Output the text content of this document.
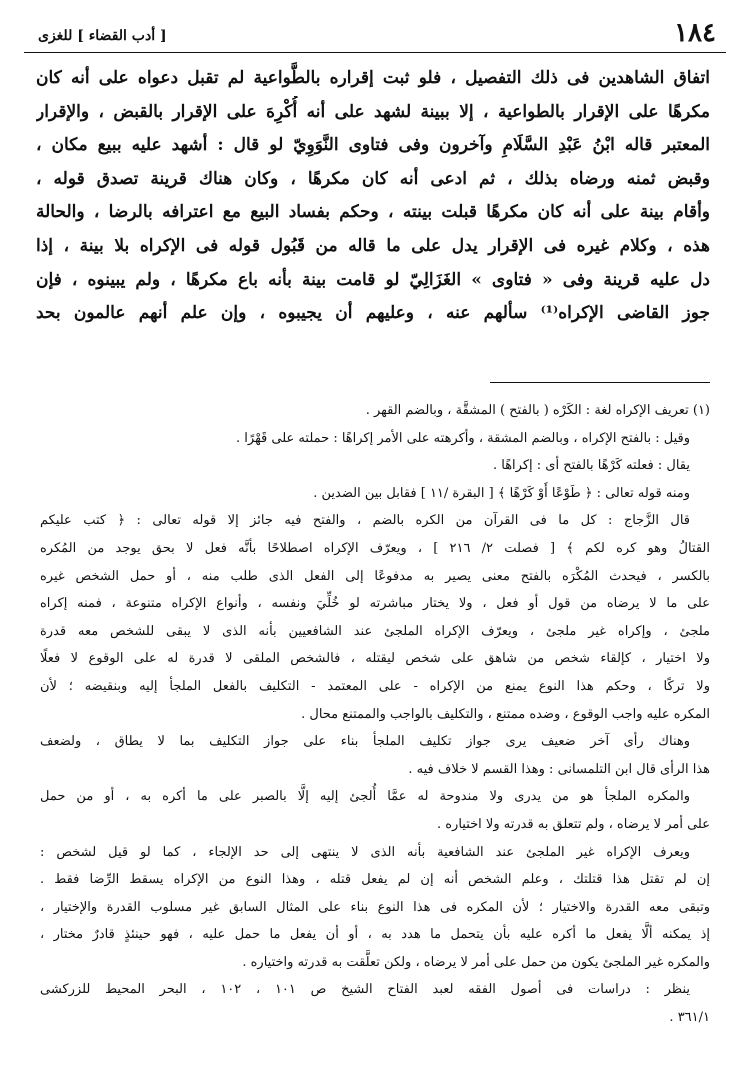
١٨٤
[ أدب القضاء ] للغزى
اتفاق الشاهدين فى ذلك التفصيل ، فلو ثبت إقراره بالطَّواعية لم تقبل دعواه على أنه كان
مكرهًا على الإقرار بالطواعية ، إلا ببينة لشهد على أنه أُكْرِهَ على الإقرار بالقبض ، والإقرار
المعتبر قاله ابْنُ عَبْدِ السَّلَامِ وآخرون وفى فتاوى النَّوَوِيّ لو قال : أشهد عليه ببيع مكان ،
وقبض ثمنه ورضاه بذلك ، ثم ادعى أنه كان مكرهًا ، وكان هناك قرينة تصدق قوله ،
وأقام بينة على أنه كان مكرهًا قبلت بينته ، وحكم بفساد البيع مع اعترافه بالرضا ، والحالة
هذه ، وكلام غيره فى الإقرار يدل على ما قاله من قَبُول قوله فى الإكراه بلا بينة ، إذا
دل عليه قرينة وفى « فتاوى » الغَزَالِيّ لو قامت بينة بأنه باع مكرهًا ، ولم يبينوه ، فإن
جوز القاضى الإكراه⁽¹⁾ سألهم عنه ، وعليهم أن يجيبوه ، وإن علم أنهم عالمون بحد
(١) تعريف الإكراه لغة : الكَرْه ( بالفتح ) المشقَّة ، وبالضم القهر .
وقيل : بالفتح الإكراه ، وبالضم المشقة ، وأكرهته على الأمر إكراهًا : حملته على قَهْرًا .
يقال : فعلته كَرْهًا بالفتح أى : إكراهًا .
ومنه قوله تعالى : ﴿ طَوْعًا أَوْ كَرْهًا ﴾ [ البقرة /١١ ] فقابل بين الضدين .
قال الزَّجاج : كل ما فى القرآن من الكره بالضم ، والفتح فيه جائز إلا قوله تعالى : ﴿ كتب عليكم
القتالُ وهو كره لكم ﴾ [ فصلت ٢/ ٢١٦ ] ، ويعرّف الإكراه اصطلاحًا بأنَّه فعل لا بحق يوجد من المُكره
بالكسر ، فيحدث المُكْرَه بالفتح معنى يصير به مدفوعًا إلى الفعل الذى طلب منه ، أو حمل الشخص غيره
على ما لا يرضاه من قول أو فعل ، ولا يختار مباشرته لو خُلِّيَ ونفسه ، وأنواع الإكراه متنوعة ، فمنه إكراه
ملجئ ، وإكراه غير ملجئ ، ويعرّف الإكراه الملجئ عند الشافعيين بأنه الذى لا يبقى للشخص معه قدرة
ولا اختيار ، كإلقاء شخص من شاهق على شخص ليقتله ، فالشخص الملقى لا قدرة له على الوقوع لا فعلًا
ولا تركًا ، وحكم هذا النوع يمنع من الإكراه - على المعتمد - التكليف بالفعل الملجأ إليه وبنقيضه ؛ لأن
المكره عليه واجب الوقوع ، وضده ممتنع ، والتكليف بالواجب والممتنع محال .
وهناك رأى آخر ضعيف يرى جواز تكليف الملجأ بناء على جواز التكليف بما لا يطاق ، ولضعف
هذا الرأى قال ابن التلمسانى : وهذا القسم لا خلاف فيه .
والمكره الملجأ هو من يدرى ولا مندوحة له عمَّا أُلجئ إليه إلَّا بالصبر على ما أكره به ، أو من حمل
على أمر لا يرضاه ، ولم تتعلق به قدرته ولا اختياره .
ويعرف الإكراه غير الملجئ عند الشافعية بأنه الذى لا ينتهى إلى حد الإلجاء ، كما لو قيل لشخص :
إن لم تقتل هذا قتلتك ، وعلم الشخص أنه إن لم يفعل قتله ، وهذا النوع من الإكراه يسقط الرِّضا فقط .
وتبقى معه القدرة والاختيار ؛ لأن المكره فى هذا النوع بناء على المثال السابق غير مسلوب القدرة والإختيار ،
إذ يمكنه ألَّا يفعل ما أكره عليه بأن يتحمل ما هدد به ، أو أن يفعل ما حمل عليه ، فهو حينئذٍ قادرٌ مختار ،
والمكره غير الملجئ يكون من حمل على أمر لا يرضاه ، ولكن تعلَّقت به قدرته واختياره .
ينظر : دراسات فى أصول الفقه لعبد الفتاح الشيخ ص ١٠١ ، ١٠٢ ، البحر المحيط للزركشى
٣٦١/١ .
